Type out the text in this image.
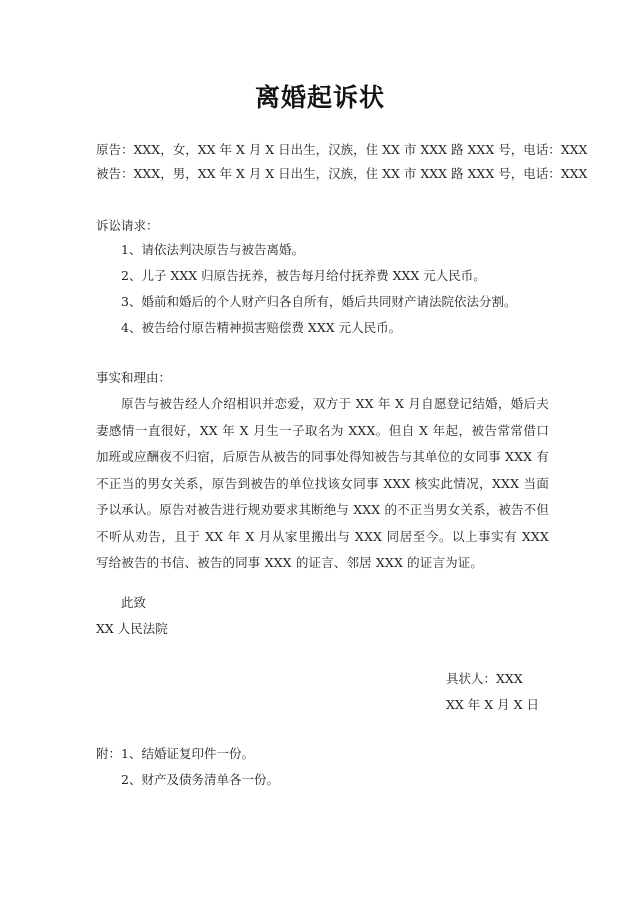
离婚起诉状
原告：XXX，女，XX 年 X 月 X 日出生，汉族，住 XX 市 XXX 路 XXX 号，电话：XXX
被告：XXX，男，XX 年 X 月 X 日出生，汉族，住 XX 市 XXX 路 XXX 号，电话：XXX
诉讼请求：
1、请依法判决原告与被告离婚。
2、儿子 XXX 归原告抚养，被告每月给付抚养费 XXX 元人民币。
3、婚前和婚后的个人财产归各自所有，婚后共同财产请法院依法分割。
4、被告给付原告精神损害赔偿费 XXX 元人民币。
事实和理由：
原告与被告经人介绍相识并恋爱，双方于 XX 年 X 月自愿登记结婚，婚后夫妻感情一直很好，XX 年 X 月生一子取名为 XXX。但自 X 年起，被告常常借口加班或应酬夜不归宿，后原告从被告的同事处得知被告与其单位的女同事 XXX 有不正当的男女关系，原告到被告的单位找该女同事 XXX 核实此情况，XXX 当面予以承认。原告对被告进行规劝要求其断绝与 XXX 的不正当男女关系，被告不但不听从劝告，且于 XX 年 X 月从家里搬出与 XXX 同居至今。以上事实有 XXX 写给被告的书信、被告的同事 XXX 的证言、邻居 XXX 的证言为证。
此致
XX 人民法院
具状人：XXX
XX 年 X 月 X 日
附：1、结婚证复印件一份。
2、财产及债务清单各一份。
